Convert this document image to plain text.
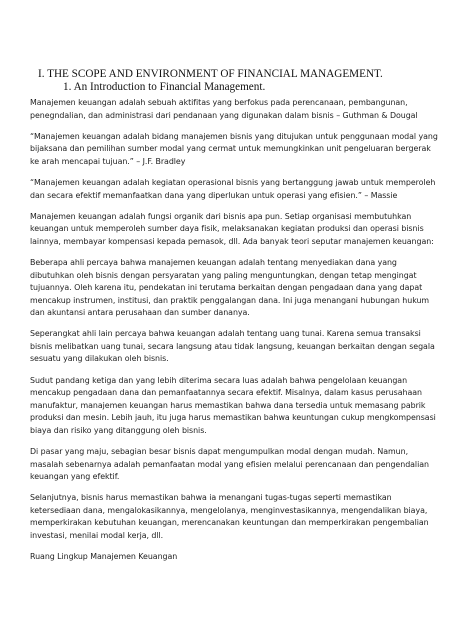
I. THE SCOPE AND ENVIRONMENT OF FINANCIAL MANAGEMENT.
1. An Introduction to Financial Management.

Manajemen keuangan adalah sebuah aktifitas yang berfokus pada perencanaan, pembangunan, penegndalian, dan administrasi dari pendanaan yang digunakan dalam bisnis – Guthman & Dougal

“Manajemen keuangan adalah bidang manajemen bisnis yang ditujukan untuk penggunaan modal yang bijaksana dan pemilihan sumber modal yang cermat untuk memungkinkan unit pengeluaran bergerak ke arah mencapai tujuan.” – J.F. Bradley

“Manajemen keuangan adalah kegiatan operasional bisnis yang bertanggung jawab untuk memperoleh dan secara efektif memanfaatkan dana yang diperlukan untuk operasi yang efisien.” – Massie

Manajemen keuangan adalah fungsi organik dari bisnis apa pun. Setiap organisasi membutuhkan keuangan untuk memperoleh sumber daya fisik, melaksanakan kegiatan produksi dan operasi bisnis lainnya, membayar kompensasi kepada pemasok, dll. Ada banyak teori seputar manajemen keuangan:

Beberapa ahli percaya bahwa manajemen keuangan adalah tentang menyediakan dana yang dibutuhkan oleh bisnis dengan persyaratan yang paling menguntungkan, dengan tetap mengingat tujuannya. Oleh karena itu, pendekatan ini terutama berkaitan dengan pengadaan dana yang dapat mencakup instrumen, institusi, dan praktik penggalangan dana. Ini juga menangani hubungan hukum dan akuntansi antara perusahaan dan sumber dananya.

Seperangkat ahli lain percaya bahwa keuangan adalah tentang uang tunai. Karena semua transaksi bisnis melibatkan uang tunai, secara langsung atau tidak langsung, keuangan berkaitan dengan segala sesuatu yang dilakukan oleh bisnis.

Sudut pandang ketiga dan yang lebih diterima secara luas adalah bahwa pengelolaan keuangan mencakup pengadaan dana dan pemanfaatannya secara efektif. Misalnya, dalam kasus perusahaan manufaktur, manajemen keuangan harus memastikan bahwa dana tersedia untuk memasang pabrik produksi dan mesin. Lebih jauh, itu juga harus memastikan bahwa keuntungan cukup mengkompensasi biaya dan risiko yang ditanggung oleh bisnis.

Di pasar yang maju, sebagian besar bisnis dapat mengumpulkan modal dengan mudah. Namun, masalah sebenarnya adalah pemanfaatan modal yang efisien melalui perencanaan dan pengendalian keuangan yang efektif.

Selanjutnya, bisnis harus memastikan bahwa ia menangani tugas-tugas seperti memastikan ketersediaan dana, mengalokasikannya, mengelolanya, menginvestasikannya, mengendalikan biaya, memperkirakan kebutuhan keuangan, merencanakan keuntungan dan memperkirakan pengembalian investasi, menilai modal kerja, dll.

Ruang Lingkup Manajemen Keuangan
